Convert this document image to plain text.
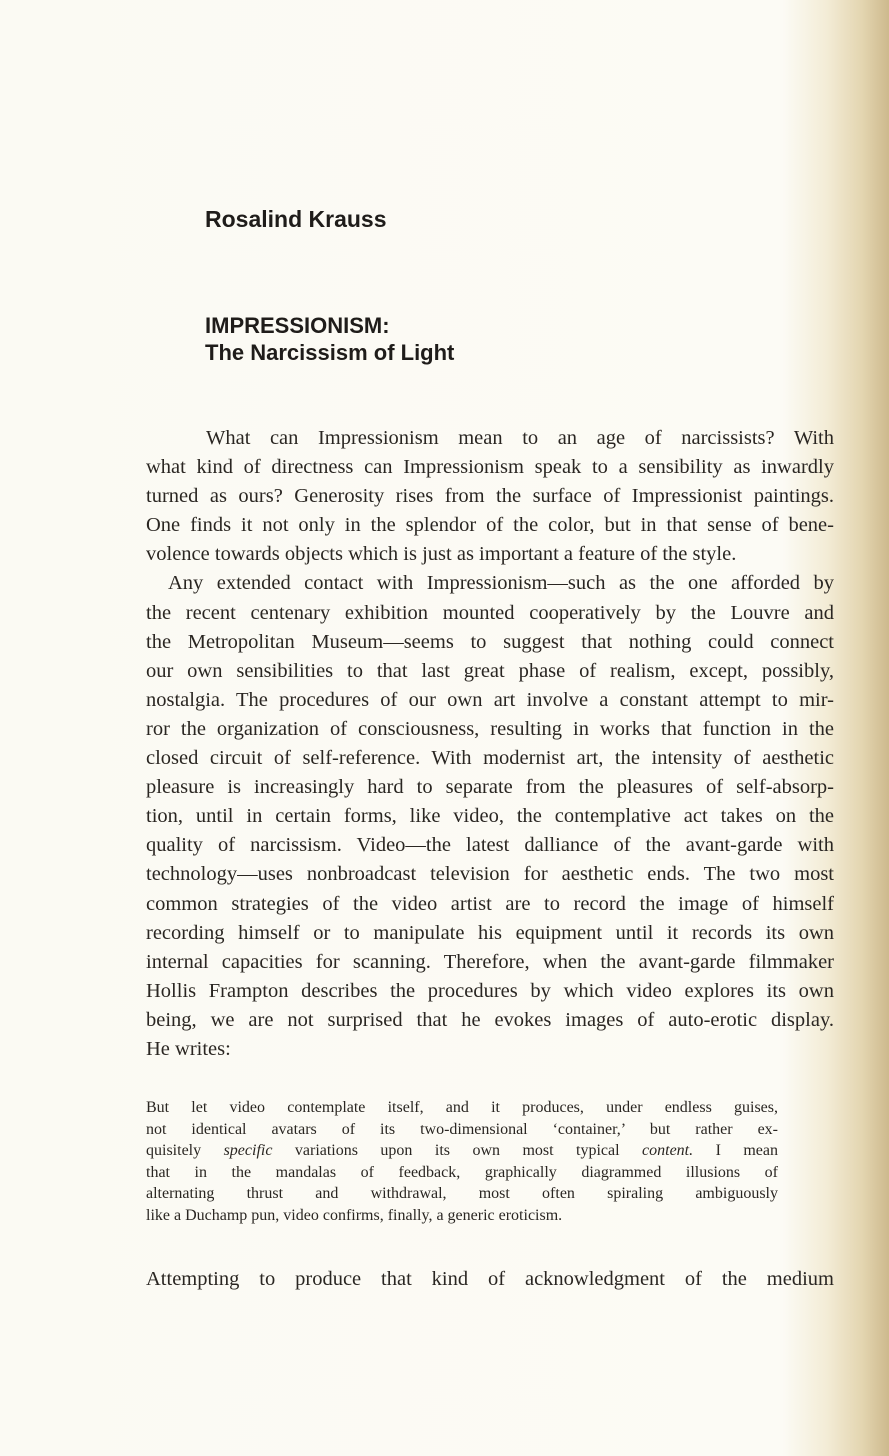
Rosalind Krauss
IMPRESSIONISM:
The Narcissism of Light
What can Impressionism mean to an age of narcissists? With
what kind of directness can Impressionism speak to a sensibility as inwardly
turned as ours? Generosity rises from the surface of Impressionist paintings.
One finds it not only in the splendor of the color, but in that sense of bene-
volence towards objects which is just as important a feature of the style.
Any extended contact with Impressionism—such as the one afforded by
the recent centenary exhibition mounted cooperatively by the Louvre and
the Metropolitan Museum—seems to suggest that nothing could connect
our own sensibilities to that last great phase of realism, except, possibly,
nostalgia. The procedures of our own art involve a constant attempt to mir-
ror the organization of consciousness, resulting in works that function in the
closed circuit of self-reference. With modernist art, the intensity of aesthetic
pleasure is increasingly hard to separate from the pleasures of self-absorp-
tion, until in certain forms, like video, the contemplative act takes on the
quality of narcissism. Video—the latest dalliance of the avant-garde with
technology—uses nonbroadcast television for aesthetic ends. The two most
common strategies of the video artist are to record the image of himself
recording himself or to manipulate his equipment until it records its own
internal capacities for scanning. Therefore, when the avant-garde filmmaker
Hollis Frampton describes the procedures by which video explores its own
being, we are not surprised that he evokes images of auto-erotic display.
He writes:
But let video contemplate itself, and it produces, under endless guises,
not identical avatars of its two-dimensional ‘container,’ but rather ex-
quisitely specific variations upon its own most typical content. I mean
that in the mandalas of feedback, graphically diagrammed illusions of
alternating thrust and withdrawal, most often spiraling ambiguously
like a Duchamp pun, video confirms, finally, a generic eroticism.
Attempting to produce that kind of acknowledgment of the medium
